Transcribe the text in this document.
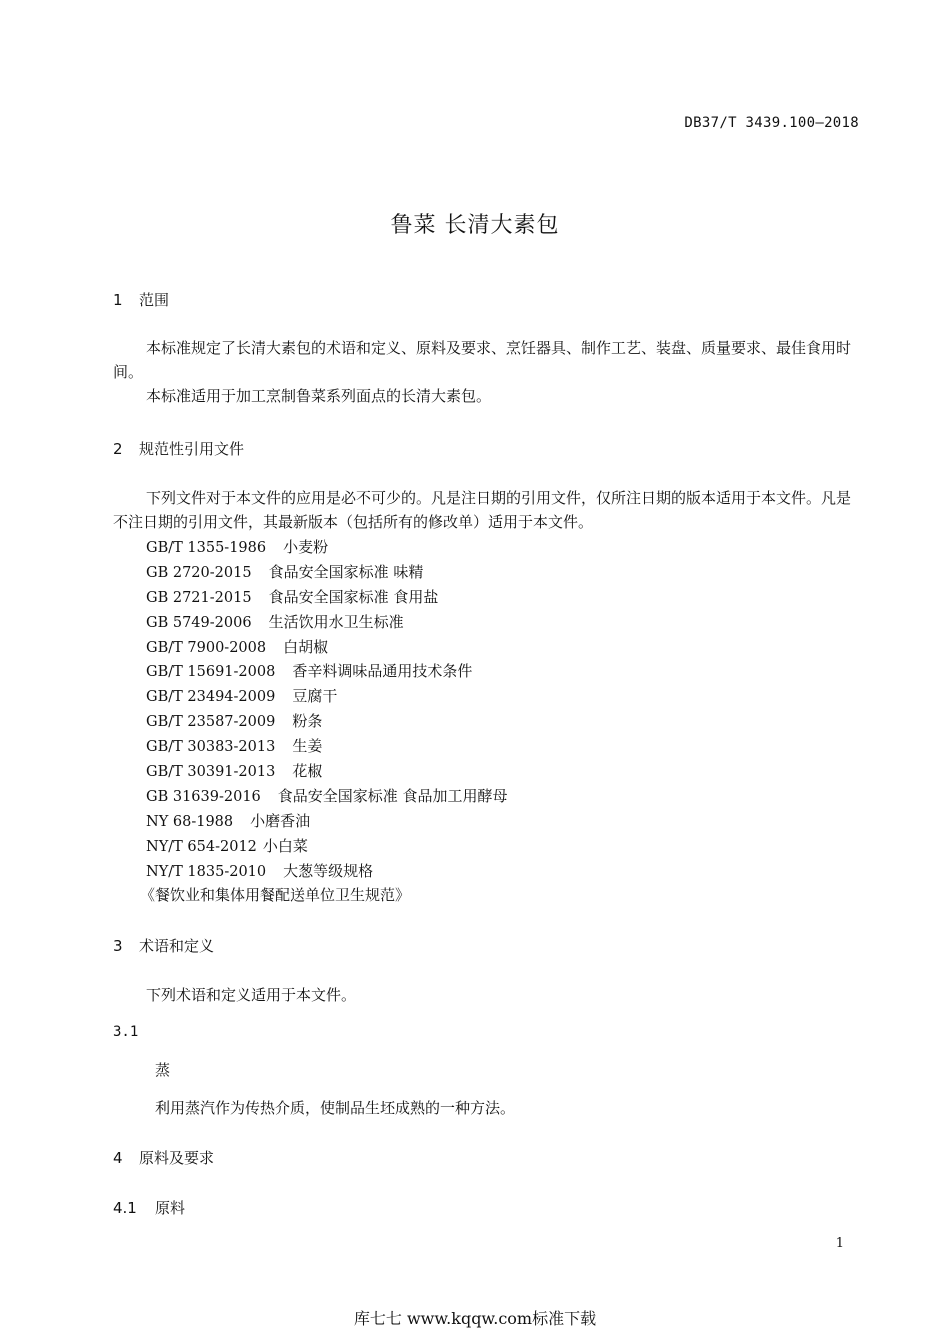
DB37/T 3439.100—2018
鲁菜 长清大素包
1 范围

本标准规定了长清大素包的术语和定义、原料及要求、烹饪器具、制作工艺、装盘、质量要求、最佳食用时间。

本标准适用于加工烹制鲁菜系列面点的长清大素包。

2 规范性引用文件

下列文件对于本文件的应用是必不可少的。凡是注日期的引用文件，仅所注日期的版本适用于本文件。凡是不注日期的引用文件，其最新版本（包括所有的修改单）适用于本文件。

GB/T 1355-1986 小麦粉
GB 2720-2015 食品安全国家标准 味精
GB 2721-2015 食品安全国家标准 食用盐
GB 5749-2006 生活饮用水卫生标准
GB/T 7900-2008 白胡椒
GB/T 15691-2008 香辛料调味品通用技术条件
GB/T 23494-2009 豆腐干
GB/T 23587-2009 粉条
GB/T 30383-2013 生姜
GB/T 30391-2013 花椒
GB 31639-2016 食品安全国家标准 食品加工用酵母
NY 68-1988 小磨香油
NY/T 654-2012 小白菜
NY/T 1835-2010 大葱等级规格
《餐饮业和集体用餐配送单位卫生规范》
3 术语和定义

下列术语和定义适用于本文件。

3.1
蒸
利用蒸汽作为传热介质，使制品生坯成熟的一种方法。
4 原料及要求
4.1 原料
1
库七七 www.kqqw.com标准下载
